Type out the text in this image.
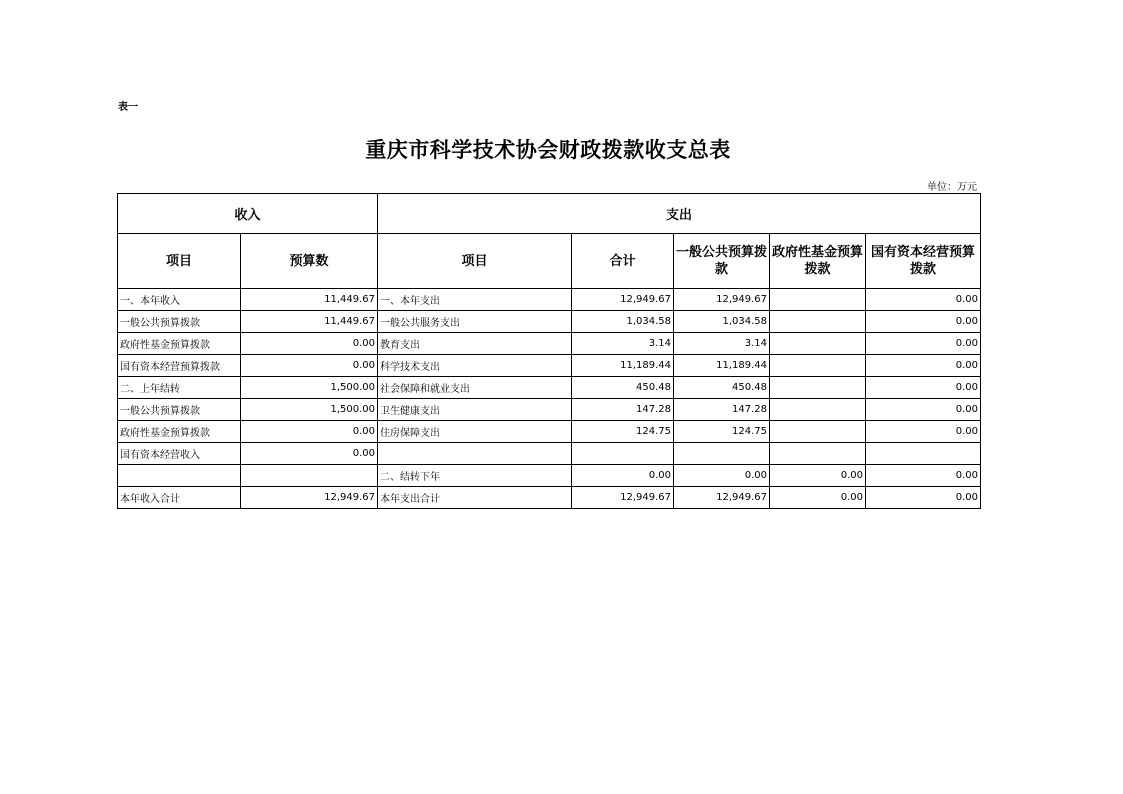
表一
重庆市科学技术协会财政拨款收支总表
单位：万元
收入		支出				
项目	预算数	项目	合计	一般公共预算拨款	政府性基金预算拨款	国有资本经营预算拨款
一、本年收入	11,449.67	一、本年支出	12,949.67	12,949.67		0.00
一般公共预算拨款	11,449.67	一般公共服务支出	1,034.58	1,034.58		0.00
政府性基金预算拨款	0.00	教育支出	3.14	3.14		0.00
国有资本经营预算拨款	0.00	科学技术支出	11,189.44	11,189.44		0.00
二、上年结转	1,500.00	社会保障和就业支出	450.48	450.48		0.00
一般公共预算拨款	1,500.00	卫生健康支出	147.28	147.28		0.00
政府性基金预算拨款	0.00	住房保障支出	124.75	124.75		0.00
国有资本经营收入	0.00					
		二、结转下年	0.00	0.00	0.00	0.00
本年收入合计	12,949.67	本年支出合计	12,949.67	12,949.67	0.00	0.00
